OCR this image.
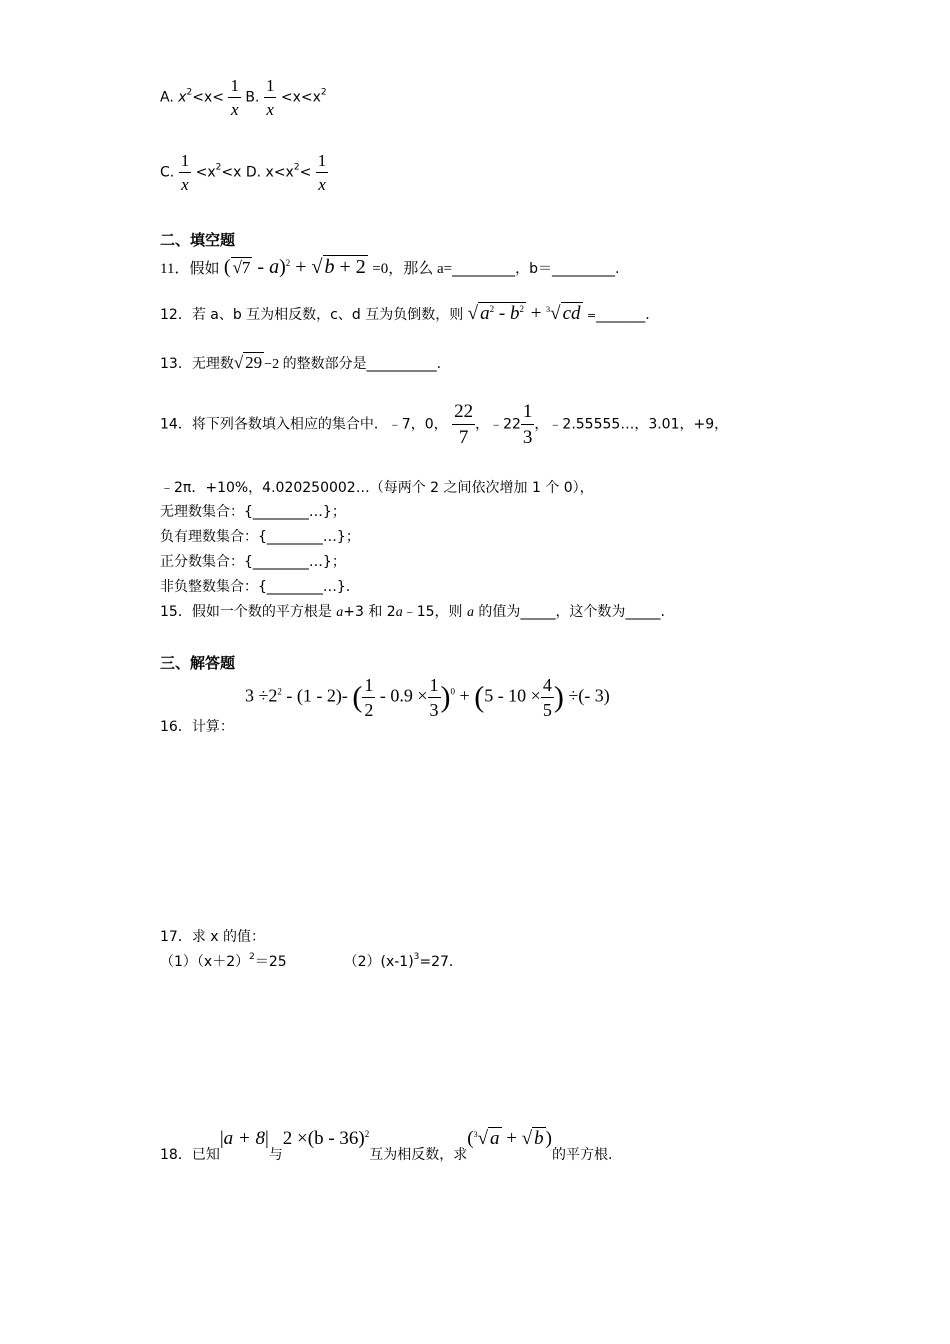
A. $x^2<x< \frac{1}{x} B$. $\frac{1}{x} <x<x^2$
C. $\frac{1}{x} <x^2<x$ D. $x<x^2< \frac{1}{x}$
二、填空题
11．假如 ( √7 - a)$^2$ + √ b + 2 =0，那么 a=_________，b＝_________.
12．若 a、b 互为相反数，c、d 互为负倒数，则 √ $a^2 - b^2 + ^3√$ cd =_______.
13．无理数√ 29 −2 的整数部分是__________.
14．将下列各数填入相应的集合中．﹣7，0， $\frac{22}{7}$ ，﹣22 $\frac{1}{3}$ ，﹣2.55555…，3.01，+9，
﹣2π．+10%，4.020250002…（每两个 2 之间依次增加 1 个 0），
无理数集合：{________…}；
负有理数集合：{________…}；
正分数集合：{________…}；
非负整数集合：{________…}．
15．假如一个数的平方根是 a+3 和 2a﹣15，则 a 的值为_____，这个数为_____.
三、解答题
16．计算：
$3 \div 2^2 - (1 - 2)-$ ( $\frac{1}{2} - 0.9 \times \frac{1}{3} )^0 + (5 - 10 \times \frac{4}{5}$ ) ÷(- 3)
17．求 x 的值：
$(1)(x+2)^2=25$	$(2)(x-1)^3=27$．
18．已知|a + 8|与2 ×(b - 36)$^2$互为相反数，求($^3$√ a + √ b )的平方根.
